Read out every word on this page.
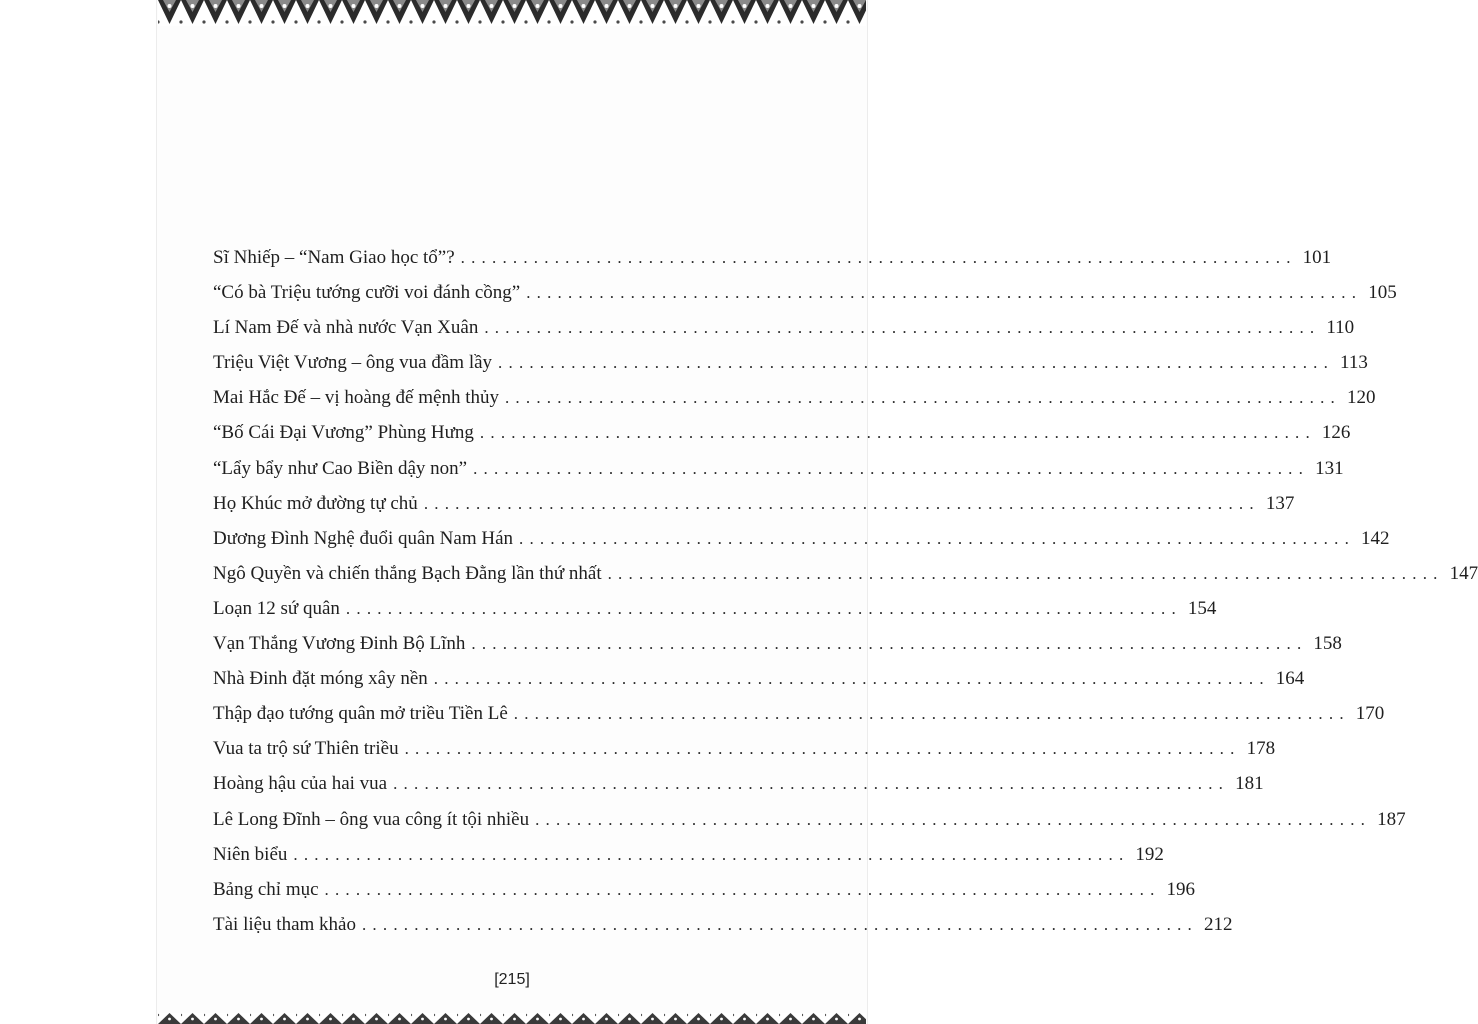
Sĩ Nhiếp – “Nam Giao học tổ”? ................................................................................ 101
“Có bà Triệu tướng cưỡi voi đánh cồng” ................................................................................ 105
Lí Nam Đế và nhà nước Vạn Xuân ................................................................................ 110
Triệu Việt Vương – ông vua đầm lầy ................................................................................ 113
Mai Hắc Đế – vị hoàng đế mệnh thủy ................................................................................ 120
“Bố Cái Đại Vương” Phùng Hưng ................................................................................ 126
“Lẩy bẩy như Cao Biền dậy non” ................................................................................ 131
Họ Khúc mở đường tự chủ ................................................................................ 137
Dương Đình Nghệ đuổi quân Nam Hán ................................................................................ 142
Ngô Quyền và chiến thắng Bạch Đằng lần thứ nhất ................................................................................ 147
Loạn 12 sứ quân ................................................................................ 154
Vạn Thắng Vương Đinh Bộ Lĩnh ................................................................................ 158
Nhà Đinh đặt móng xây nền ................................................................................ 164
Thập đạo tướng quân mở triều Tiền Lê ................................................................................ 170
Vua ta trộ sứ Thiên triều ................................................................................ 178
Hoàng hậu của hai vua ................................................................................ 181
Lê Long Đĩnh – ông vua công ít tội nhiều ................................................................................ 187
Niên biểu ................................................................................ 192
Bảng chỉ mục ................................................................................ 196
Tài liệu tham khảo ................................................................................ 212
[215]
